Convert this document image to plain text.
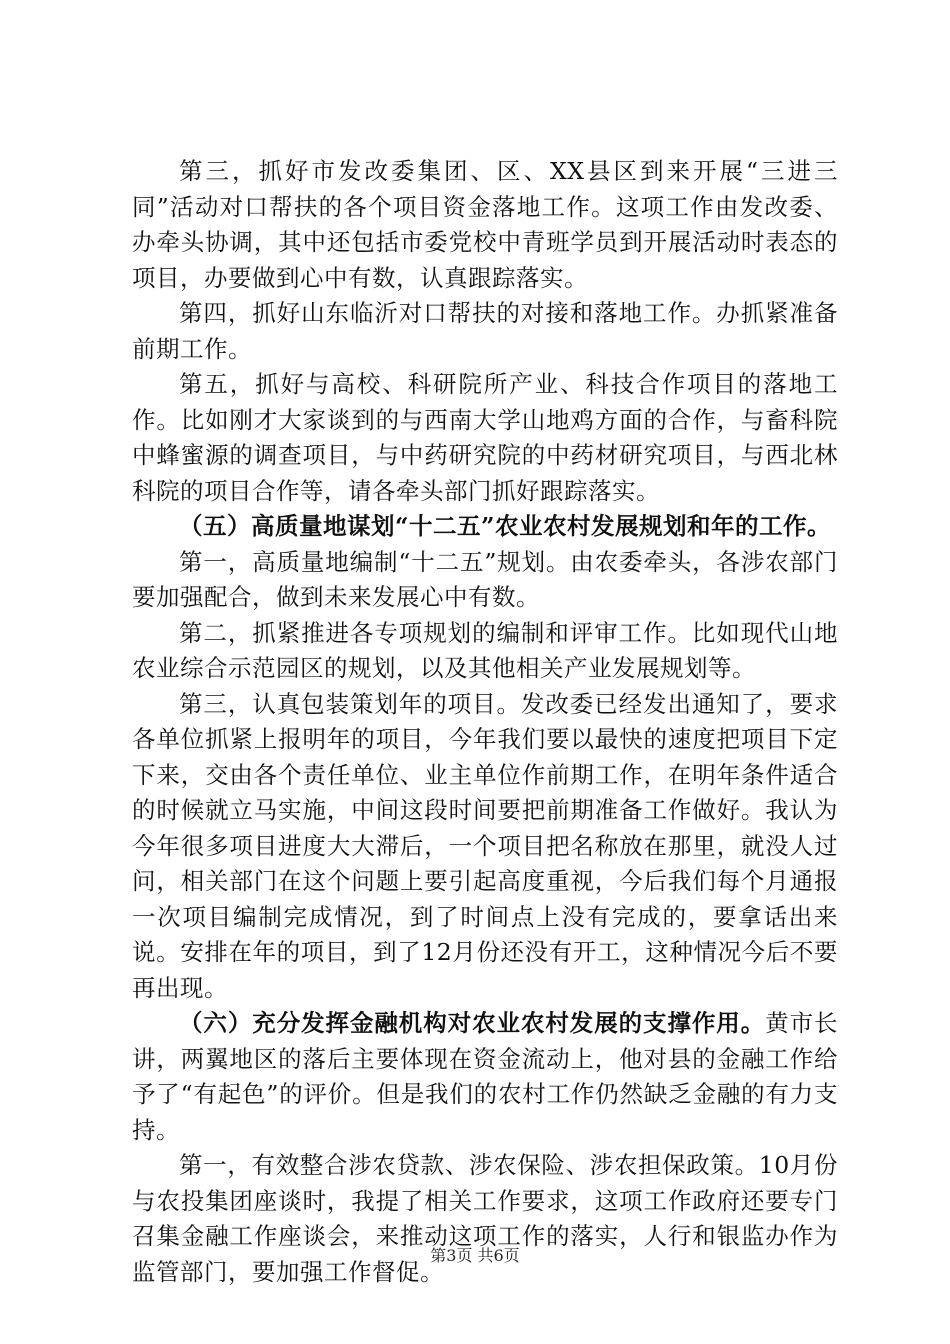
第三，抓好市发改委集团、区、XX县区到来开展“三进三同”活动对口帮扶的各个项目资金落地工作。这项工作由发改委、办牵头协调，其中还包括市委党校中青班学员到开展活动时表态的项目，办要做到心中有数，认真跟踪落实。

第四，抓好山东临沂对口帮扶的对接和落地工作。办抓紧准备前期工作。

第五，抓好与高校、科研院所产业、科技合作项目的落地工作。比如刚才大家谈到的与西南大学山地鸡方面的合作，与畜科院中蜂蜜源的调查项目，与中药研究院的中药材研究项目，与西北林科院的项目合作等，请各牵头部门抓好跟踪落实。

（五）高质量地谋划“十二五”农业农村发展规划和年的工作。

第一，高质量地编制“十二五”规划。由农委牵头，各涉农部门要加强配合，做到未来发展心中有数。

第二，抓紧推进各专项规划的编制和评审工作。比如现代山地农业综合示范园区的规划，以及其他相关产业发展规划等。

第三，认真包装策划年的项目。发改委已经发出通知了，要求各单位抓紧上报明年的项目，今年我们要以最快的速度把项目下定下来，交由各个责任单位、业主单位作前期工作，在明年条件适合的时候就立马实施，中间这段时间要把前期准备工作做好。我认为今年很多项目进度大大滞后，一个项目把名称放在那里，就没人过问，相关部门在这个问题上要引起高度重视，今后我们每个月通报一次项目编制完成情况，到了时间点上没有完成的，要拿话出来说。安排在年的项目，到了12月份还没有开工，这种情况今后不要再出现。

（六）充分发挥金融机构对农业农村发展的支撑作用。黄市长讲，两翼地区的落后主要体现在资金流动上，他对县的金融工作给予了“有起色”的评价。但是我们的农村工作仍然缺乏金融的有力支持。

第一，有效整合涉农贷款、涉农保险、涉农担保政策。10月份与农投集团座谈时，我提了相关工作要求，这项工作政府还要专门召集金融工作座谈会，来推动这项工作的落实，人行和银监办作为监管部门，要加强工作督促。

第3页 共6页
